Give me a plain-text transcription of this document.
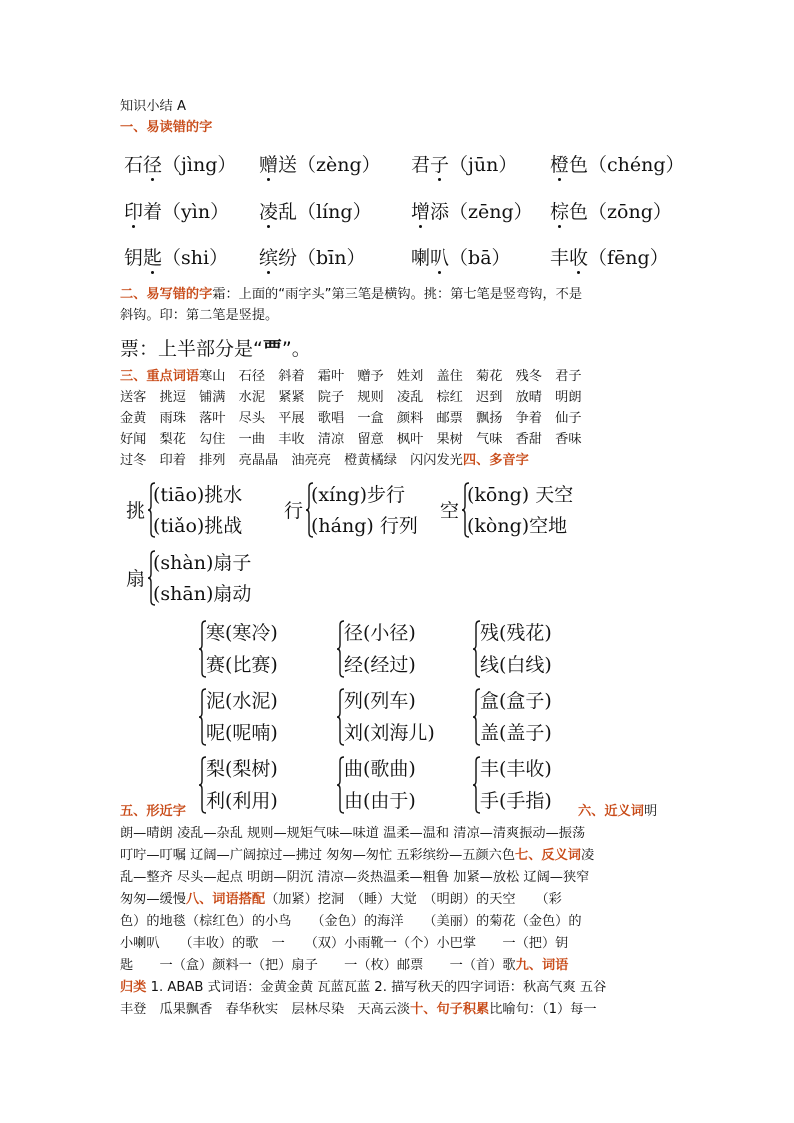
知识小结 A
一、易读错的字
石径（jìng） 赠送（zèng） 君子（jūn） 橙色（chéng）
印着（yìn） 凌乱（líng） 增添（zēng） 棕色（zōng）
钥匙（shi） 缤纷（bīn） 喇叭（bā） 丰收（fēng）
二、易写错的字霜：上面的“雨字头”第三笔是横钩。挑：第七笔是竖弯钩，不是
斜钩。印：第二笔是竖提。
票：上半部分是“覀”。
三、重点词语寒山　石径　斜着　霜叶　赠予　姓刘　盖住　菊花　残冬　君子
送客　挑逗　铺满　水泥　紧紧　院子　规则　凌乱　棕红　迟到　放晴　明朗
金黄　雨珠　落叶　尽头　平展　歌唱　一盒　颜料　邮票　飘扬　争着　仙子
好闻　梨花　勾住　一曲　丰收　清凉　留意　枫叶　果树　气味　香甜　香味
过冬　印着　排列　亮晶晶　油亮亮　橙黄橘绿　闪闪发光四、多音字
挑
(tiāo)挑水
(tiǎo)挑战
行
(xíng)步行
(háng) 行列
空
(kōng) 天空
(kòng)空地
扇
(shàn)扇子
(shān)扇动
寒(寒冷)
赛(比赛)
径(小径)
经(经过)
残(残花)
线(白线)
泥(水泥)
呢(呢喃)
列(列车)
刘(刘海儿)
盒(盒子)
盖(盖子)
梨(梨树)
利(利用)
曲(歌曲)
由(由于)
丰(丰收)
手(手指)
五、形近字	六、近义词明
朗—晴朗 凌乱—杂乱 规则—规矩气味—味道 温柔—温和 清凉—清爽振动—振荡
叮咛—叮嘱 辽阔—广阔掠过—拂过 匆匆—匆忙 五彩缤纷—五颜六色七、反义词凌
乱—整齐 尽头—起点 明朗—阴沉 清凉—炎热温柔—粗鲁 加紧—放松 辽阔—狭窄
匆匆—缓慢八、词语搭配（加紧）挖洞　（睡）大觉　（明朗）的天空　　（彩
色）的地毯（棕红色）的小鸟　　（金色）的海洋　　（美丽）的菊花（金色）的
小喇叭　　（丰收）的歌　一　　（双）小雨靴一（个）小巴掌　　一（把）钥
匙　　一（盒）颜料一（把）扇子　　一（枚）邮票　　一（首）歌九、词语
归类 1. ABAB 式词语：金黄金黄 瓦蓝瓦蓝 2. 描写秋天的四字词语：秋高气爽 五谷
丰登　瓜果飘香　春华秋实　层林尽染　天高云淡十、句子积累比喻句：（1）每一
